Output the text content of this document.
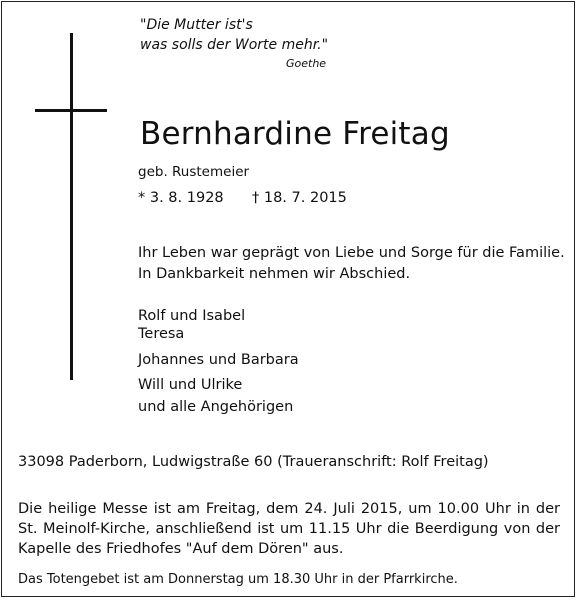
"Die Mutter ist's
was solls der Worte mehr."
Goethe
Bernhardine Freitag
geb. Rustemeier
* 3. 8. 1928 † 18. 7. 2015
Ihr Leben war geprägt von Liebe und Sorge für die Familie.
In Dankbarkeit nehmen wir Abschied.
Rolf und Isabel
Teresa
Johannes und Barbara
Will und Ulrike
und alle Angehörigen
33098 Paderborn, Ludwigstraße 60 (Traueranschrift: Rolf Freitag)
Die heilige Messe ist am Freitag, dem 24. Juli 2015, um 10.00 Uhr in der
St. Meinolf-Kirche, anschließend ist um 11.15 Uhr die Beerdigung von der
Kapelle des Friedhofes "Auf dem Dören" aus.
Das Totengebet ist am Donnerstag um 18.30 Uhr in der Pfarrkirche.
